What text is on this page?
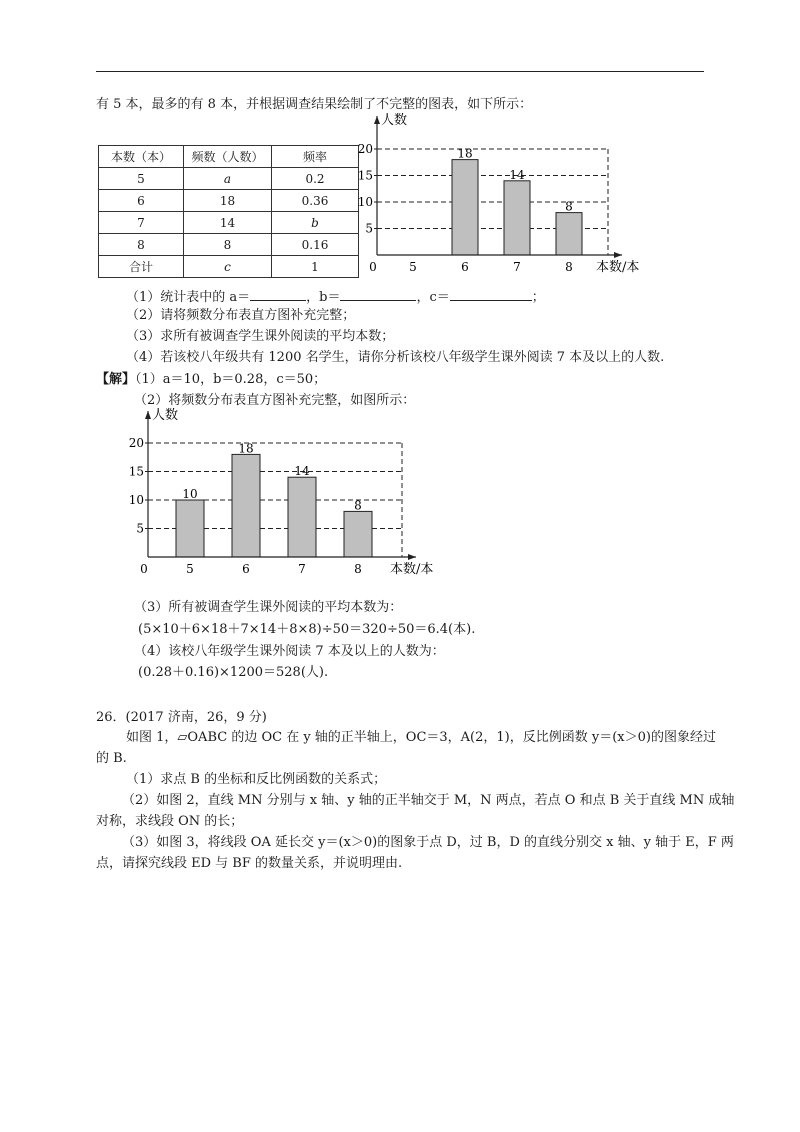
有 5 本，最多的有 8 本，并根据调查结果绘制了不完整的图表，如下所示：
本数（本）	频数（人数）	频率
5	a	0.2
6	18	0.36
7	14	b
8	8	0.16
合计	c	1
5
10
15
20
5
18
6
14
7
8
8
0
人数
本数/本
（1）统计表中的 a＝	，b＝	，c＝	；
（2）请将频数分布表直方图补充完整；
（3）求所有被调查学生课外阅读的平均本数；
（4）若该校八年级共有 1200 名学生，请你分析该校八年级学生课外阅读 7 本及以上的人数.
【解】（1）a＝10，b＝0.28，c＝50；
（2）将频数分布表直方图补充完整，如图所示：
5
10
15
20
10
5
18
6
14
7
8
8
0
人数
本数/本
（3）所有被调查学生课外阅读的平均本数为：
(5×10＋6×18＋7×14＋8×8)÷50＝320÷50＝6.4(本).
（4）该校八年级学生课外阅读 7 本及以上的人数为：
(0.28＋0.16)×1200＝528(人).
26．(2017 济南，26，9 分)
如图 1，▱OABC 的边 OC 在 y 轴的正半轴上，OC＝3，A(2，1)，反比例函数 y＝(x＞0)的图象经过
的 B.
（1）求点 B 的坐标和反比例函数的关系式；
（2）如图 2，直线 MN 分别与 x 轴、y 轴的正半轴交于 M，N 两点，若点 O 和点 B 关于直线 MN 成轴
对称，求线段 ON 的长；
（3）如图 3，将线段 OA 延长交 y＝(x＞0)的图象于点 D，过 B，D 的直线分别交 x 轴、y 轴于 E，F 两
点，请探究线段 ED 与 BF 的数量关系，并说明理由.
